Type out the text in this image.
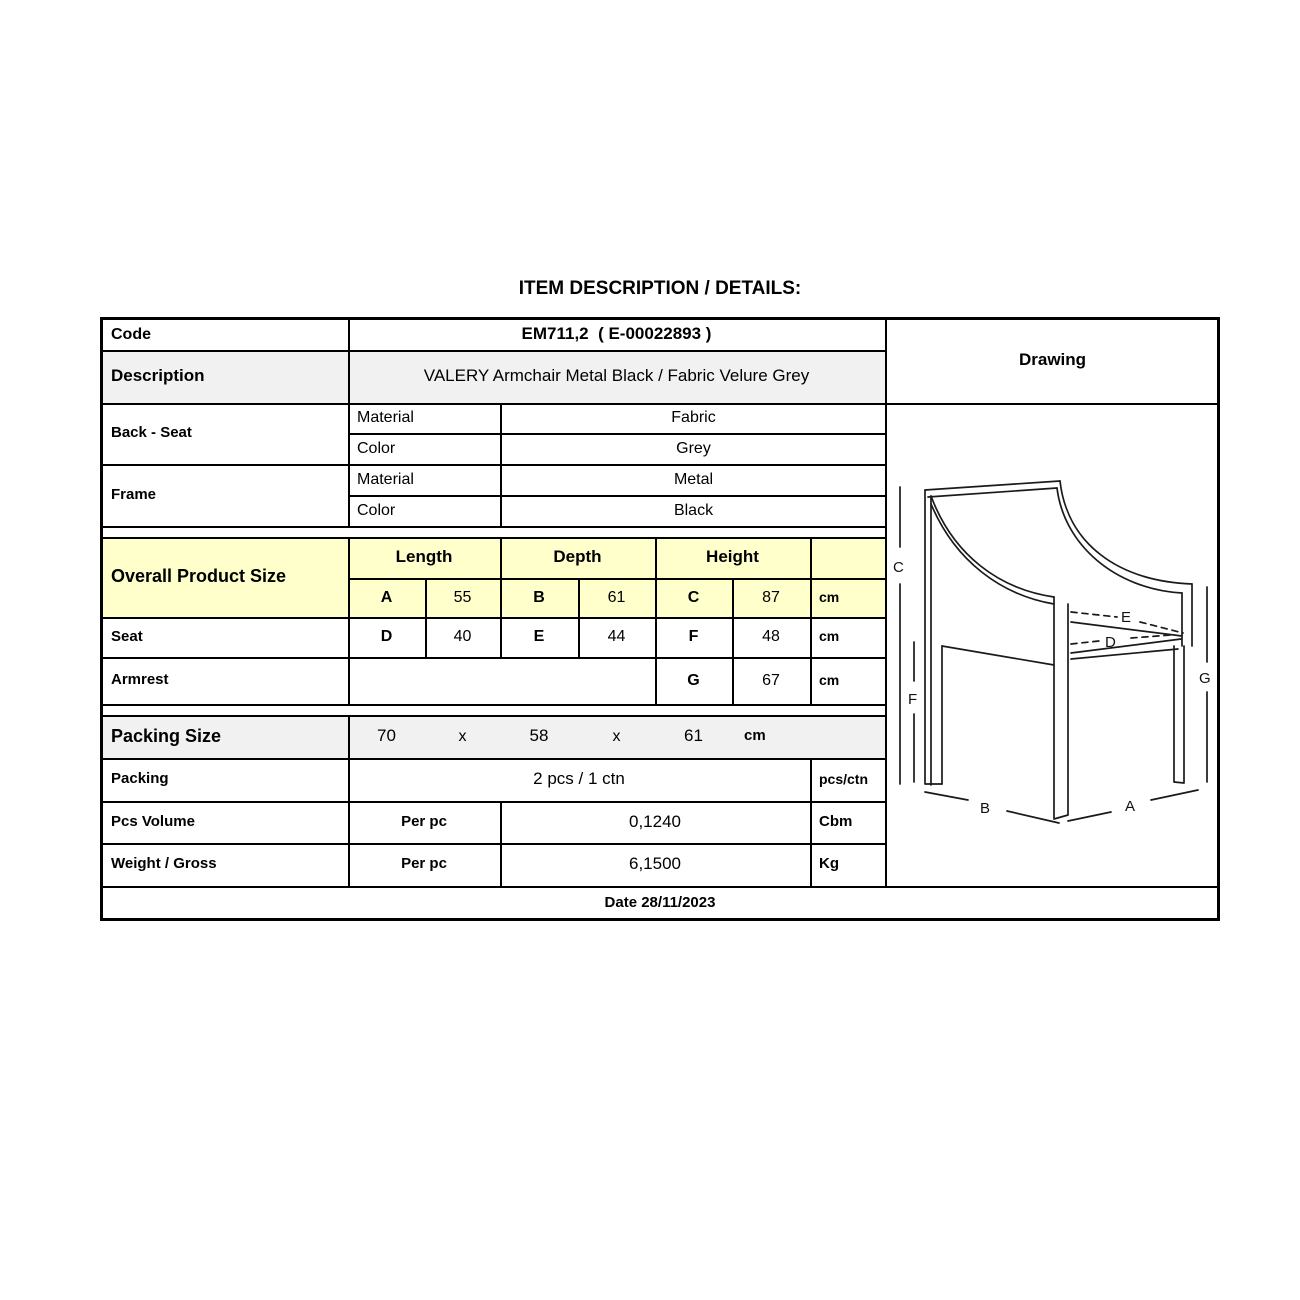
ITEM DESCRIPTION / DETAILS:
Code	EM711,2  ( E-00022893 )
Drawing
Description	VALERY Armchair Metal Black / Fabric Velure Grey
Back - Seat
Material	Fabric
Color	Grey
Frame
Material	Metal
Color	Black
Overall Product Size
Length	Depth	Height
A	55	B	61	C	87	cm
Seat	D	40	E	44	F	48	cm
Armrest	G	67	cm
Packing Size	70	x	58	x	61	cm
Packing	2 pcs / 1 ctn	pcs/ctn
Pcs Volume	Per pc	0,1240	Cbm
Weight / Gross	Per pc	6,1500	Kg
Date 28/11/2023
C
F
G
B	A
E
D
